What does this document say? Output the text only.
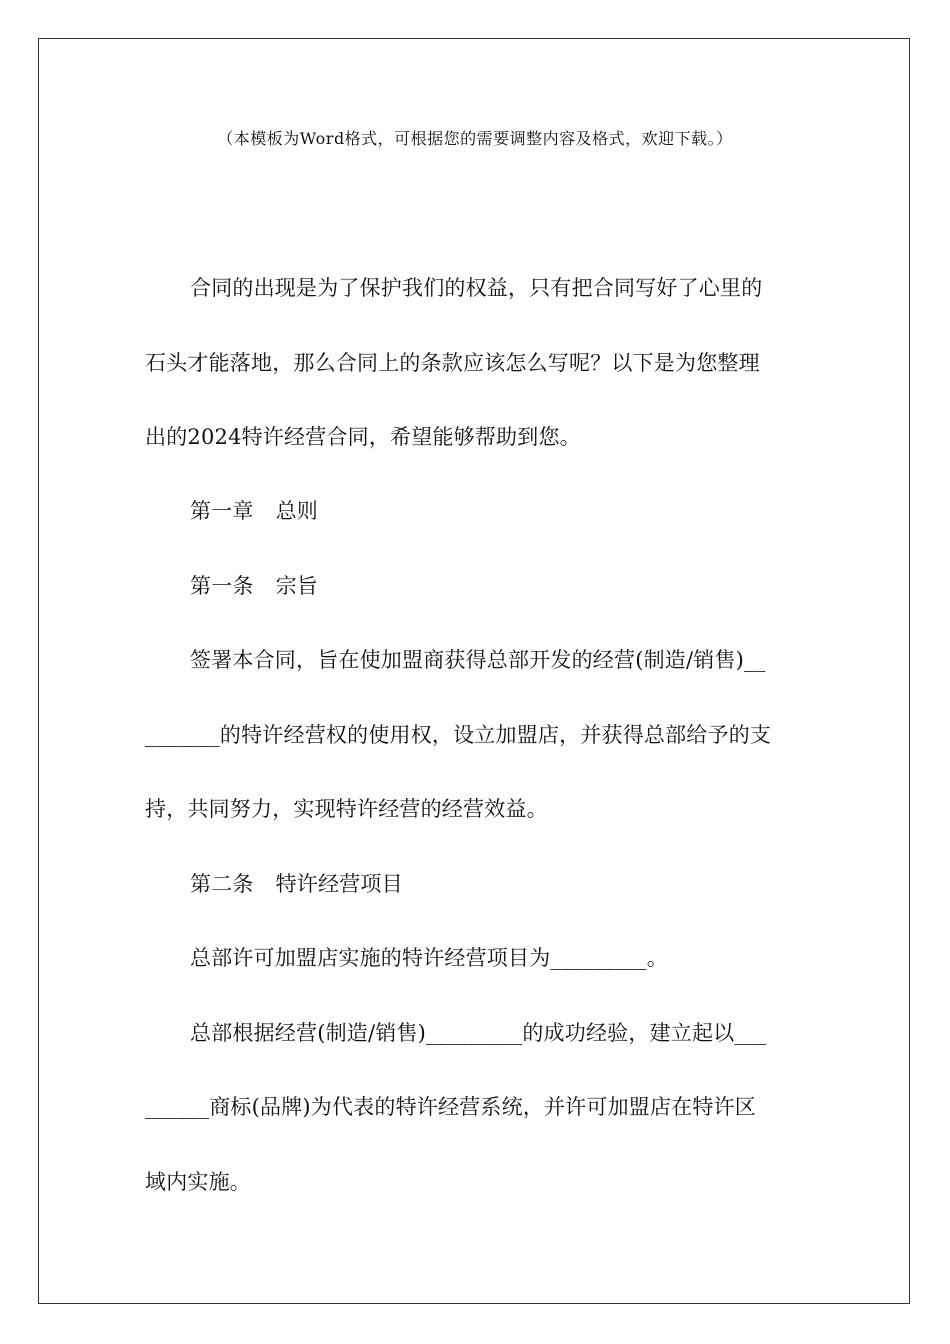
（本模板为Word格式，可根据您的需要调整内容及格式，欢迎下载。）
合同的出现是为了保护我们的权益，只有把合同写好了心里的
石头才能落地，那么合同上的条款应该怎么写呢？以下是为您整理
出的2024特许经营合同，希望能够帮助到您。
第一章 总则
第一条 宗旨
签署本合同，旨在使加盟商获得总部开发的经营(制造/销售)__
_______的特许经营权的使用权，设立加盟店，并获得总部给予的支
持，共同努力，实现特许经营的经营效益。
第二条 特许经营项目
总部许可加盟店实施的特许经营项目为_________。
总部根据经营(制造/销售)_________的成功经验，建立起以___
______商标(品牌)为代表的特许经营系统，并许可加盟店在特许区
域内实施。
